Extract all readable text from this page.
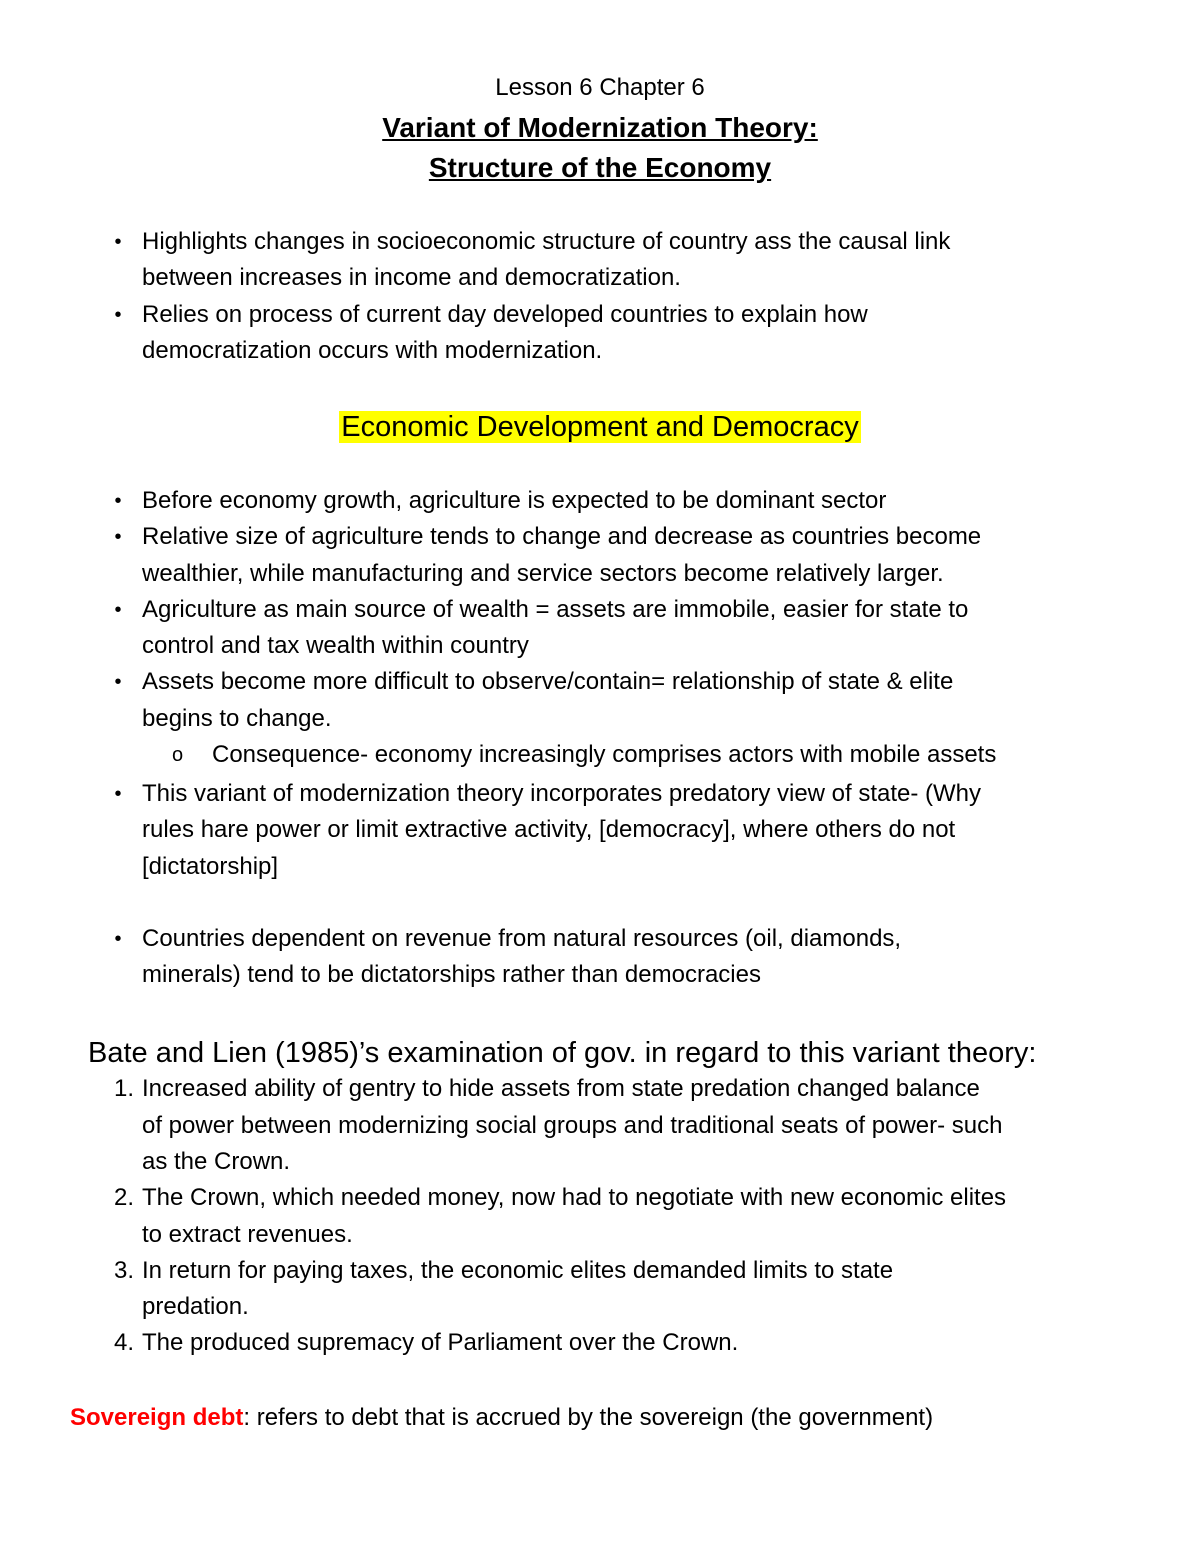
Lesson 6 Chapter 6
Variant of Modernization Theory:
Structure of the Economy
• Highlights changes in socioeconomic structure of country ass the causal link
between increases in income and democratization.
• Relies on process of current day developed countries to explain how
democratization occurs with modernization.
Economic Development and Democracy
• Before economy growth, agriculture is expected to be dominant sector
• Relative size of agriculture tends to change and decrease as countries become
wealthier, while manufacturing and service sectors become relatively larger.
• Agriculture as main source of wealth = assets are immobile, easier for state to
control and tax wealth within country
• Assets become more difficult to observe/contain= relationship of state & elite
begins to change.
o Consequence- economy increasingly comprises actors with mobile assets
• This variant of modernization theory incorporates predatory view of state- (Why
rules hare power or limit extractive activity, [democracy], where others do not
[dictatorship]
• Countries dependent on revenue from natural resources (oil, diamonds,
minerals) tend to be dictatorships rather than democracies
Bate and Lien (1985)’s examination of gov. in regard to this variant theory:
1. Increased ability of gentry to hide assets from state predation changed balance
of power between modernizing social groups and traditional seats of power- such
as the Crown.
2. The Crown, which needed money, now had to negotiate with new economic elites
to extract revenues.
3. In return for paying taxes, the economic elites demanded limits to state
predation.
4. The produced supremacy of Parliament over the Crown.
Sovereign debt: refers to debt that is accrued by the sovereign (the government)
